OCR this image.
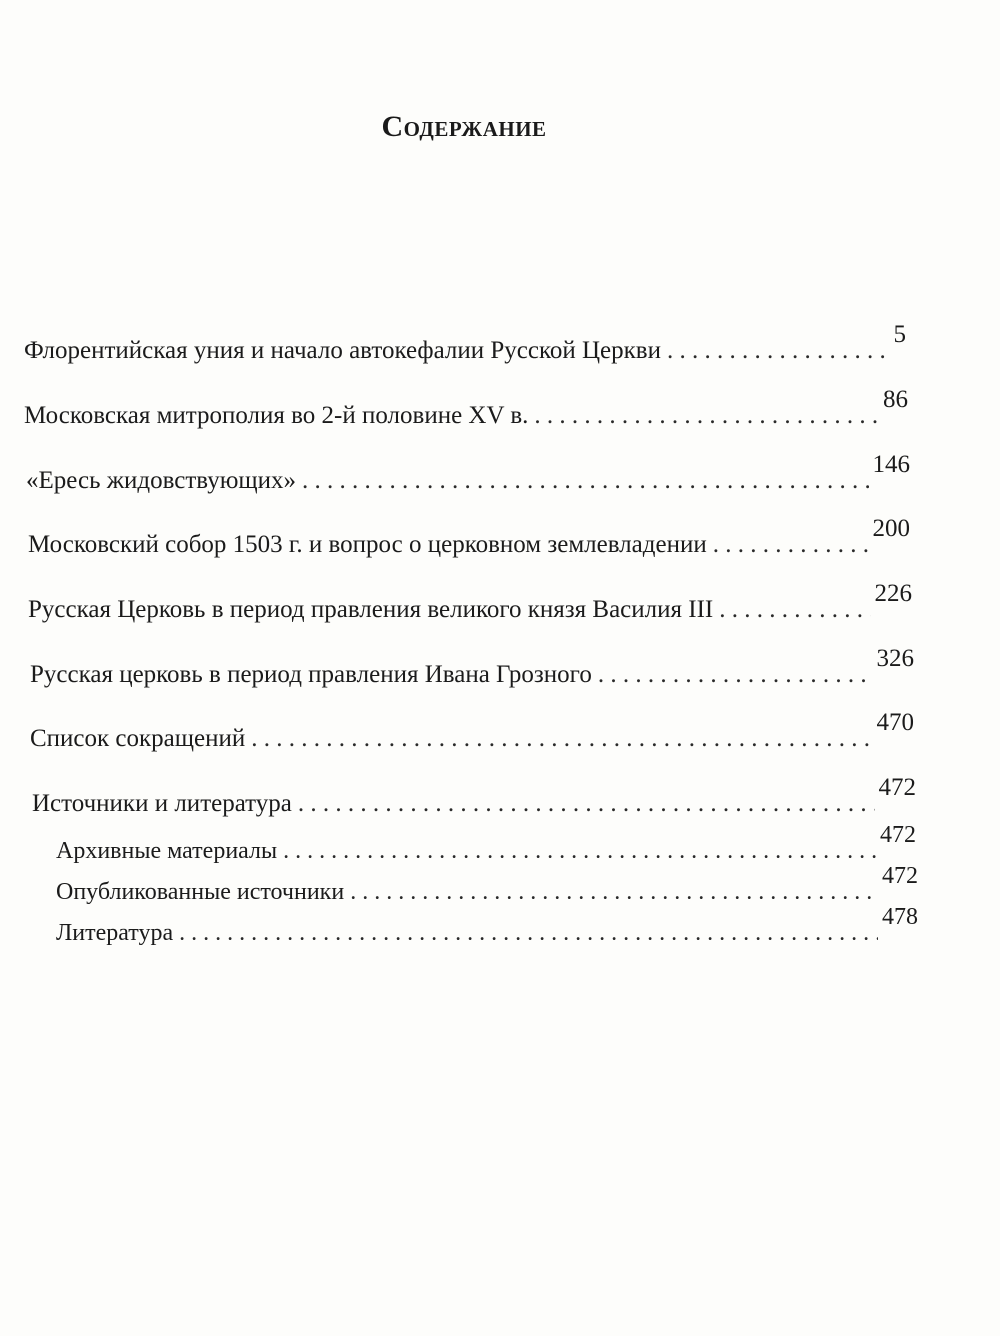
Содержание
Флорентийская уния и начало автокефалии Русской Церкви
. . .
5
Московская митрополия во 2-й половине XV в.
. . .
86
«Ересь жидовствующих»
. . .
146
Московский собор 1503 г. и вопрос о церковном землевладении
. . .
200
Русская Церковь в период правления великого князя Василия III
. . .
226
Русская церковь в период правления Ивана Грозного
. . .
326
Список сокращений
. . .
470
Источники и литература
. . .
472
Архивные материалы
. . .
472
Опубликованные источники
. . .
472
Литература
. . .
478
